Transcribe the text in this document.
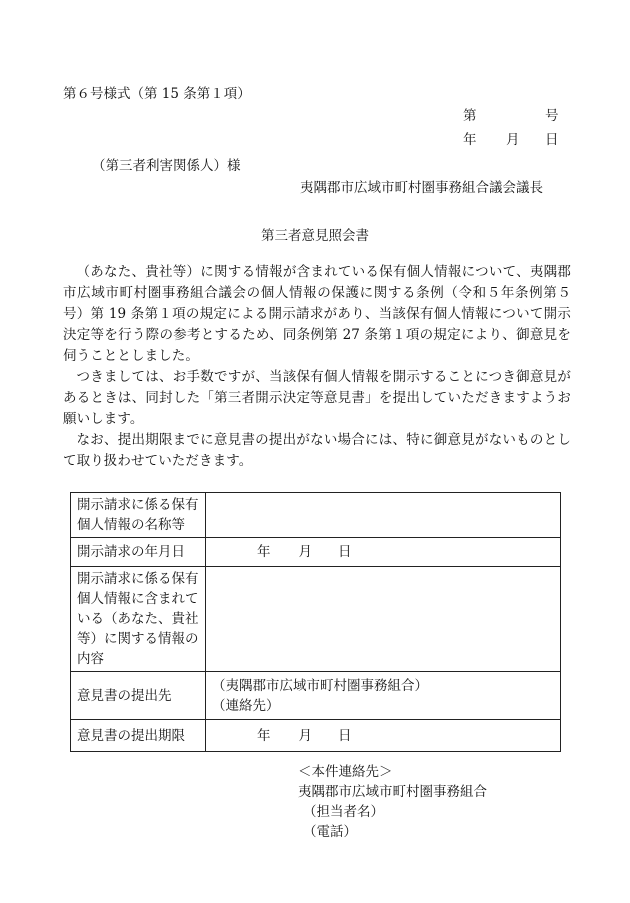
第６号様式（第 15 条第１項）
第	号
年 月 日
（第三者利害関係人）様
夷隅郡市広域市町村圏事務組合議会議長
第三者意見照会書

（あなた、貴社等）に関する情報が含まれている保有個人情報について、夷隅郡市広域市町村圏事務組合議会の個人情報の保護に関する条例（令和５年条例第５号）第 19 条第１項の規定による開示請求があり、当該保有個人情報について開示決定等を行う際の参考とするため、同条例第 27 条第１項の規定により、御意見を伺うこととしました。

つきましては、お手数ですが、当該保有個人情報を開示することにつき御意見があるときは、同封した「第三者開示決定等意見書」を提出していただきますようお願いします。

なお、提出期限までに意見書の提出がない場合には、特に御意見がないものとして取り扱わせていただきます。

開示請求に係る保有個人情報の名称等	
開示請求の年月日	年 月 日
開示請求に係る保有個人情報に含まれている（あなた、貴社等）に関する情報の内容	
意見書の提出先	（夷隅郡市広域市町村圏事務組合）
（連絡先）

意見書の提出期限	年 月 日
＜本件連絡先＞
夷隅郡市広域市町村圏事務組合
（担当者名）
（電話）
